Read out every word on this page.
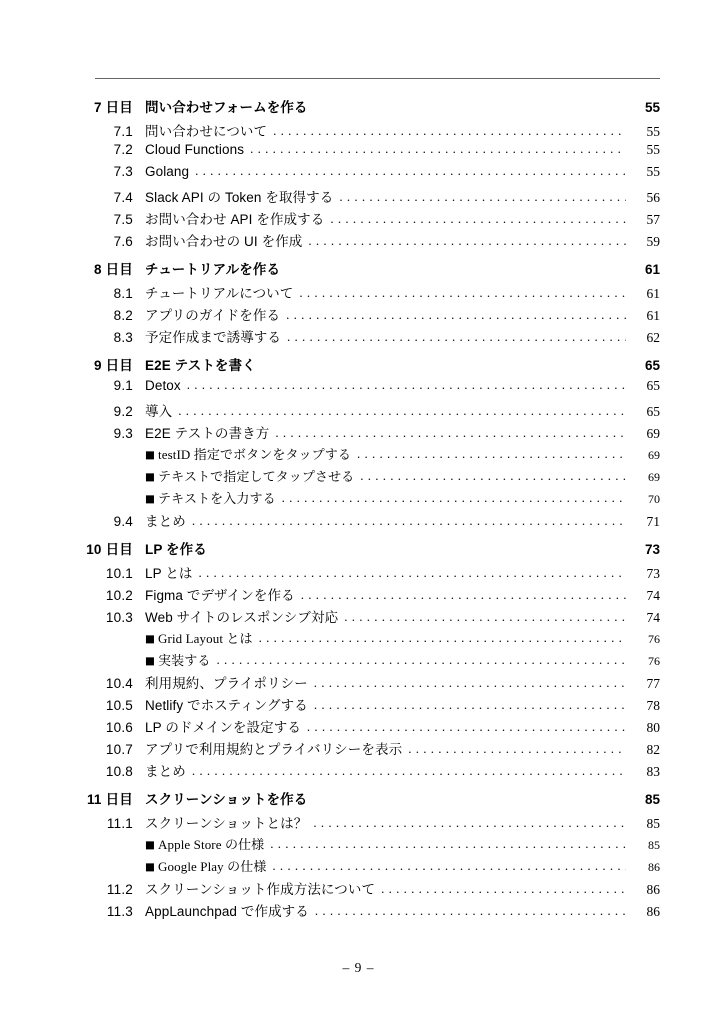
7 日目 問い合わせフォームを作る	55
7.1 問い合わせについて . . .	55
7.2 Cloud Functions . . .	55
7.3 Golang . . .	55
7.4 Slack API の Token を取得する . . .	56
7.5 お問い合わせ API を作成する . . .	57
7.6 お問い合わせの UI を作成 . . .	59
8 日目 チュートリアルを作る	61
8.1 チュートリアルについて . . .	61
8.2 アプリのガイドを作る . . .	61
8.3 予定作成まで誘導する . . .	62
9 日目 E2E テストを書く	65
9.1 Detox . . .	65
9.2 導入 . . .	65
9.3 E2E テストの書き方 . . .	69
■ testID 指定でボタンをタップする . . .	69
■ テキストで指定してタップさせる . . .	69
■ テキストを入力する . . .	70
9.4 まとめ . . .	71
10 日目 LP を作る	73
10.1 LP とは . . .	73
10.2 Figma でデザインを作る . . .	74
10.3 Web サイトのレスポンシブ対応 . . .	74
■ Grid Layout とは . . .	76
■ 実装する . . .	76
10.4 利用規約、プライポリシー . . .	77
10.5 Netlify でホスティングする . . .	78
10.6 LP のドメインを設定する . . .	80
10.7 アプリで利用規約とプライバリシーを表示 . . .	82
10.8 まとめ . . .	83
11 日目 スクリーンショットを作る	85
11.1 スクリーンショットとは？ . . .	85
■ Apple Store の仕様 . . .	85
■ Google Play の仕様 . . .	86
11.2 スクリーンショット作成方法について . . .	86
11.3 AppLaunchpad で作成する . . .	86
– 9 –
